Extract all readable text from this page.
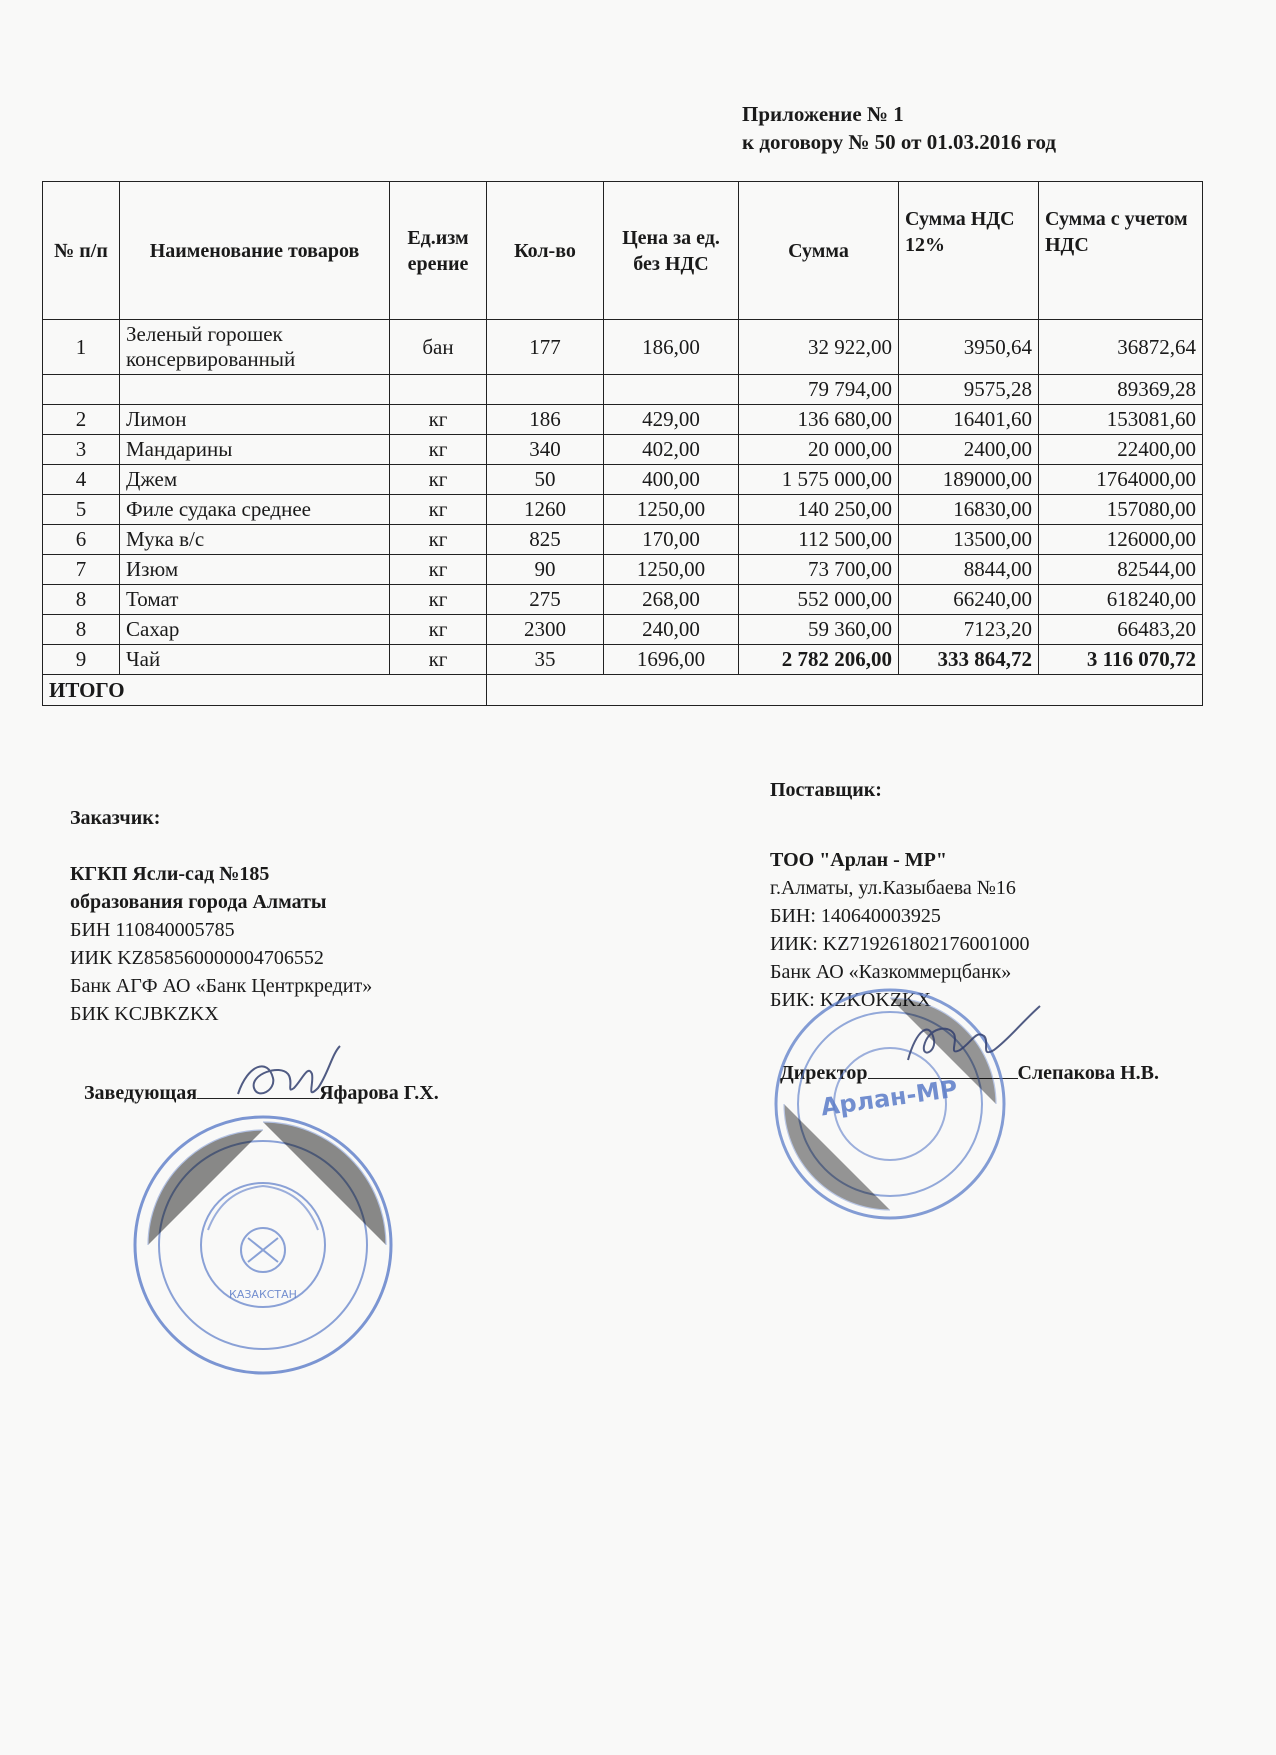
Приложение № 1
к договору № 50 от 01.03.2016 год
№ п/п	Наименование товаров	Ед.изм ерение	Кол-во	Цена за ед. без НДС	Сумма	Сумма НДС 12%	Сумма с учетом НДС
1	Зеленый горошек консервированный	бан	177	186,00	32 922,00	3950,64	36872,64
					79 794,00	9575,28	89369,28
2	Лимон	кг	186	429,00	136 680,00	16401,60	153081,60
3	Мандарины	кг	340	402,00	20 000,00	2400,00	22400,00
4	Джем	кг	50	400,00	1 575 000,00	189000,00	1764000,00
5	Филе судака среднее	кг	1260	1250,00	140 250,00	16830,00	157080,00
6	Мука в/с	кг	825	170,00	112 500,00	13500,00	126000,00
7	Изюм	кг	90	1250,00	73 700,00	8844,00	82544,00
8	Томат	кг	275	268,00	552 000,00	66240,00	618240,00
8	Сахар	кг	2300	240,00	59 360,00	7123,20	66483,20
9	Чай	кг	35	1696,00	2 782 206,00	333 864,72	3 116 070,72
ИТОГО							
Заказчик:
КГКП Ясли-сад №185
образования города Алматы
БИН 110840005785
ИИК KZ858560000004706552
Банк АГФ АО «Банк Центркредит»
БИК KCJBKZKX
Заведующая	Яфарова Г.Х.
Поставщик:
ТОО "Арлан - МР"
г.Алматы, ул.Казыбаева №16
БИН: 140640003925
ИИК: KZ719261802176001000
Банк АО «Казкоммерцбанк»
БИК: KZKOKZKX
Директор	Слепакова Н.В.
КАЗАКСТАН
Арлан-МР
